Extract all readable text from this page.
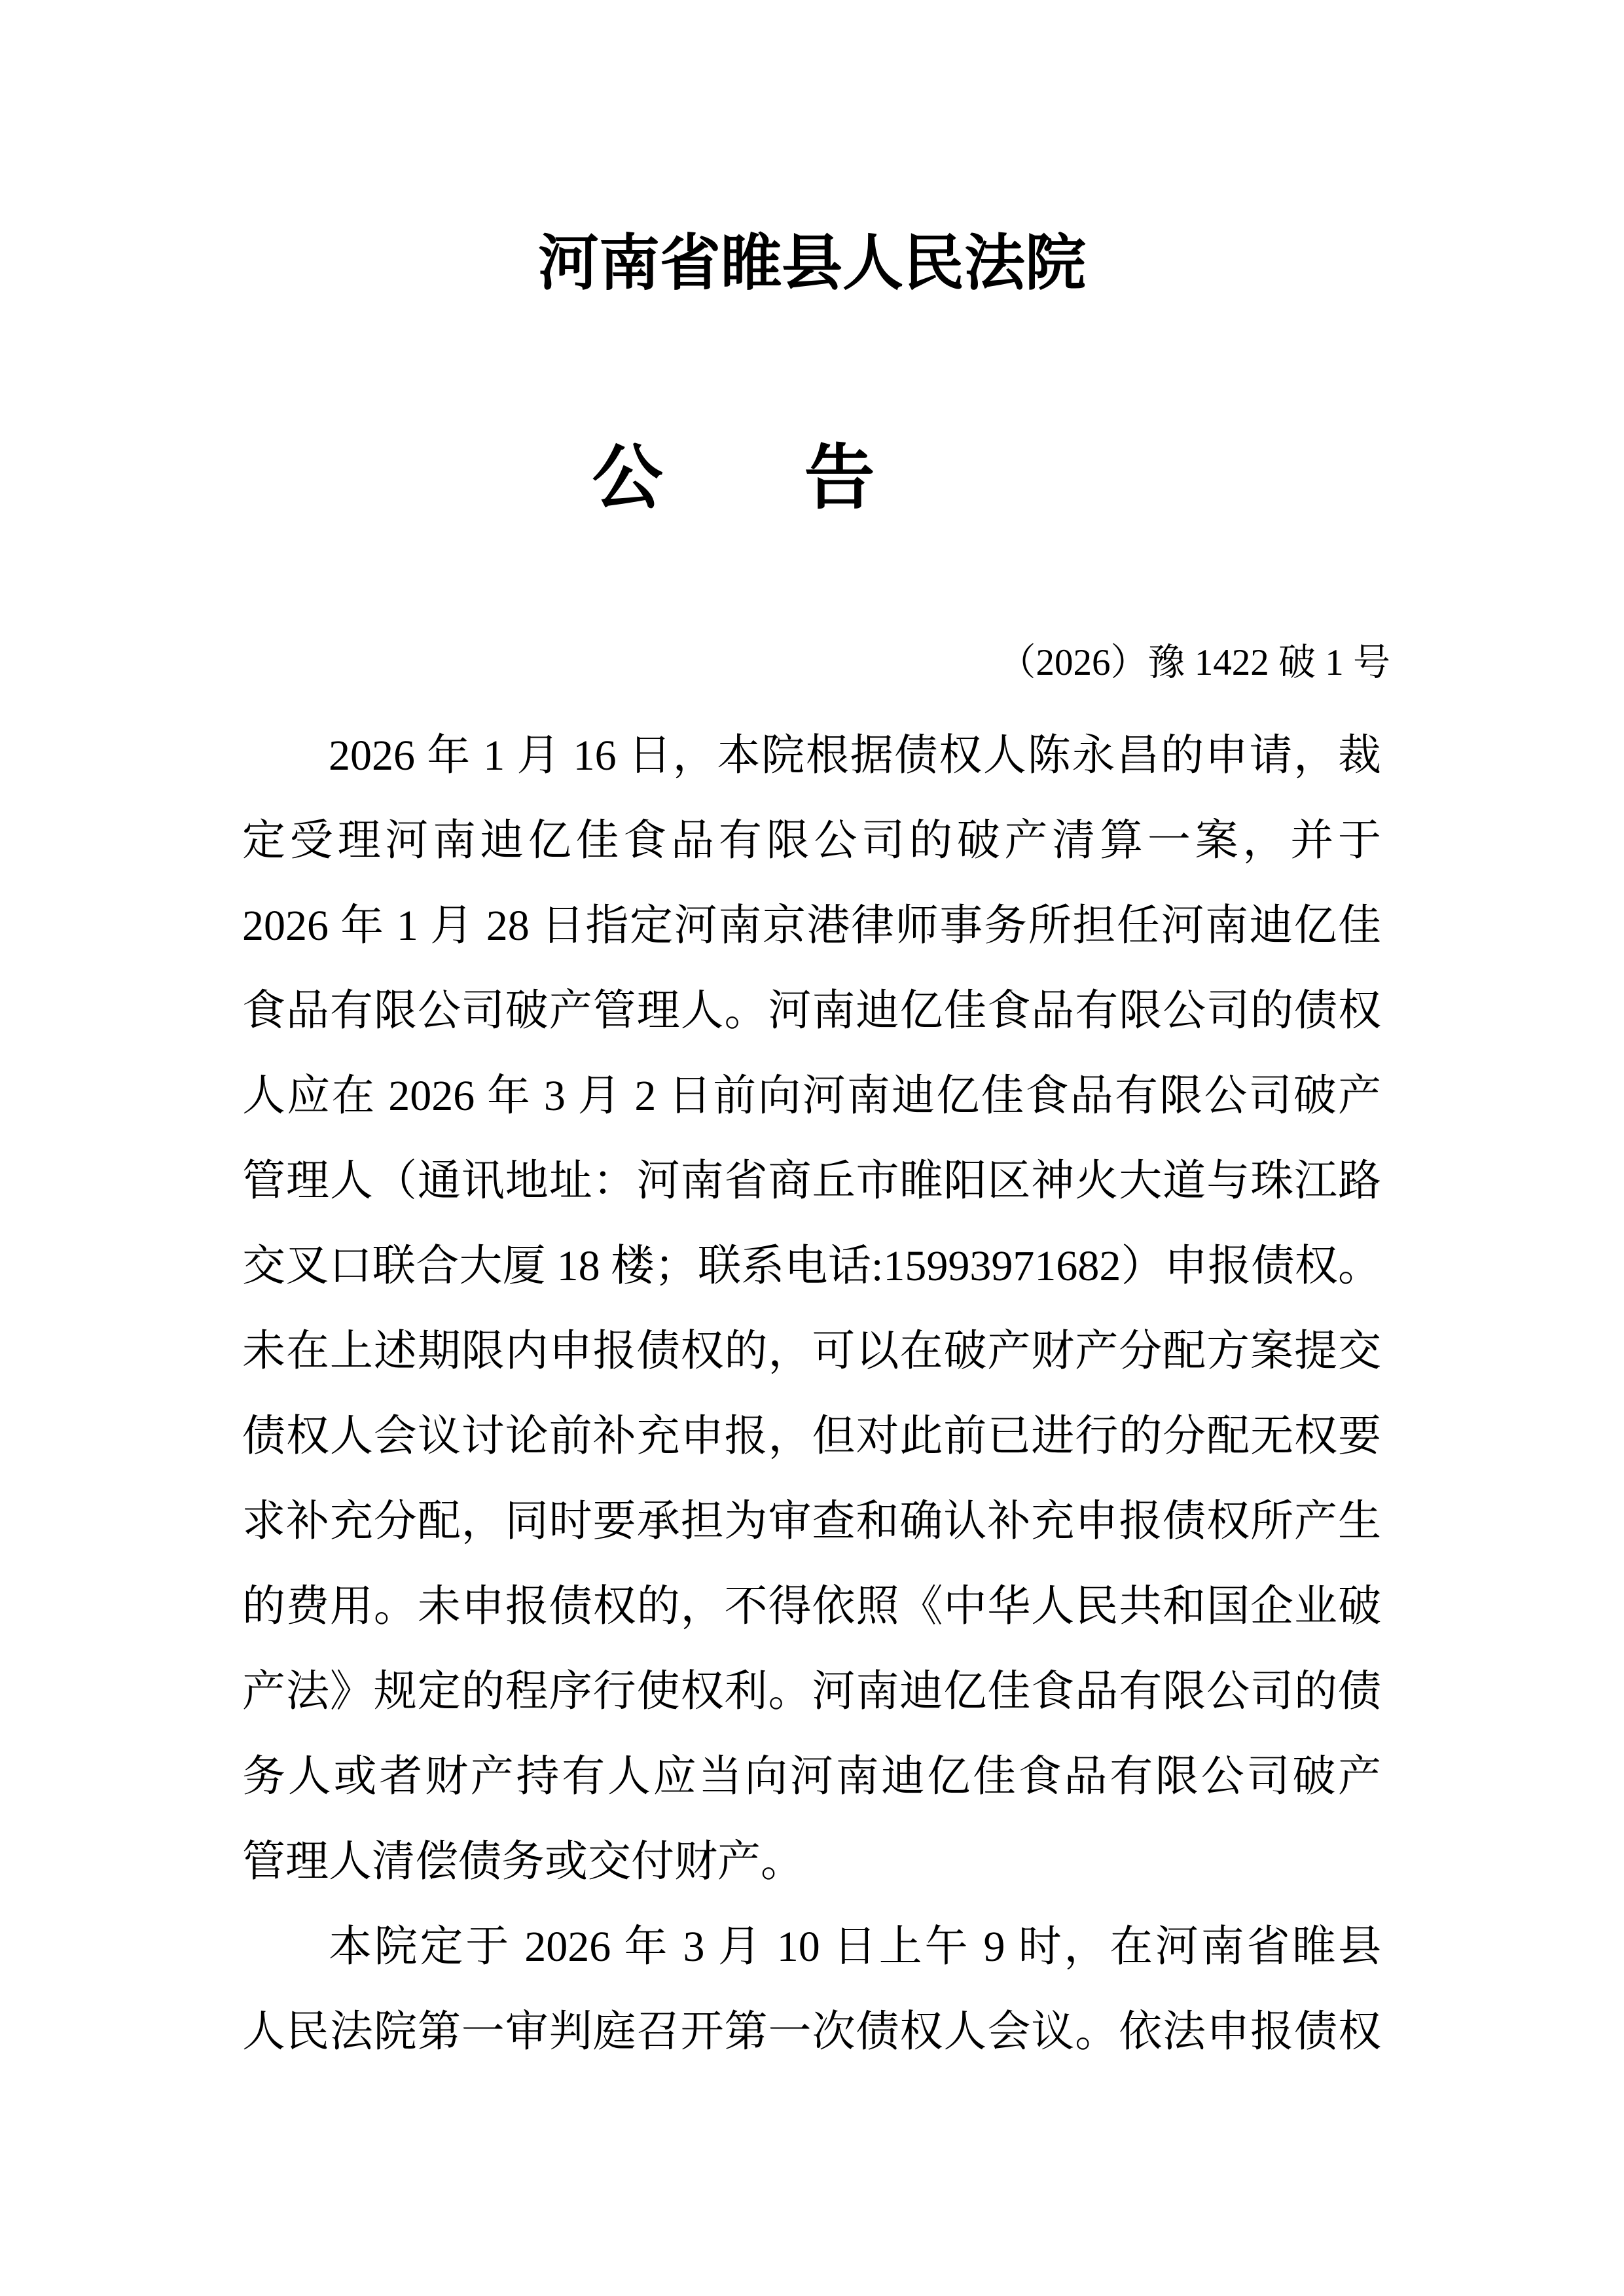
河南省睢县人民法院
公　　告
（2026）豫 1422 破 1 号
2026 年 1 月 16 日，本院根据债权人陈永昌的申请，裁
定受理河南迪亿佳食品有限公司的破产清算一案，并于
2026 年 1 月 28 日指定河南京港律师事务所担任河南迪亿佳
食品有限公司破产管理人。河南迪亿佳食品有限公司的债权
人应在 2026 年 3 月 2 日前向河南迪亿佳食品有限公司破产
管理人（通讯地址：河南省商丘市睢阳区神火大道与珠江路
交叉口联合大厦 18 楼；联系电话:15993971682）申报债权。
未在上述期限内申报债权的，可以在破产财产分配方案提交
债权人会议讨论前补充申报，但对此前已进行的分配无权要
求补充分配，同时要承担为审查和确认补充申报债权所产生
的费用。未申报债权的，不得依照《中华人民共和国企业破
产法》规定的程序行使权利。河南迪亿佳食品有限公司的债
务人或者财产持有人应当向河南迪亿佳食品有限公司破产
管理人清偿债务或交付财产。
本院定于 2026 年 3 月 10 日上午 9 时，在河南省睢县
人民法院第一审判庭召开第一次债权人会议。依法申报债权
